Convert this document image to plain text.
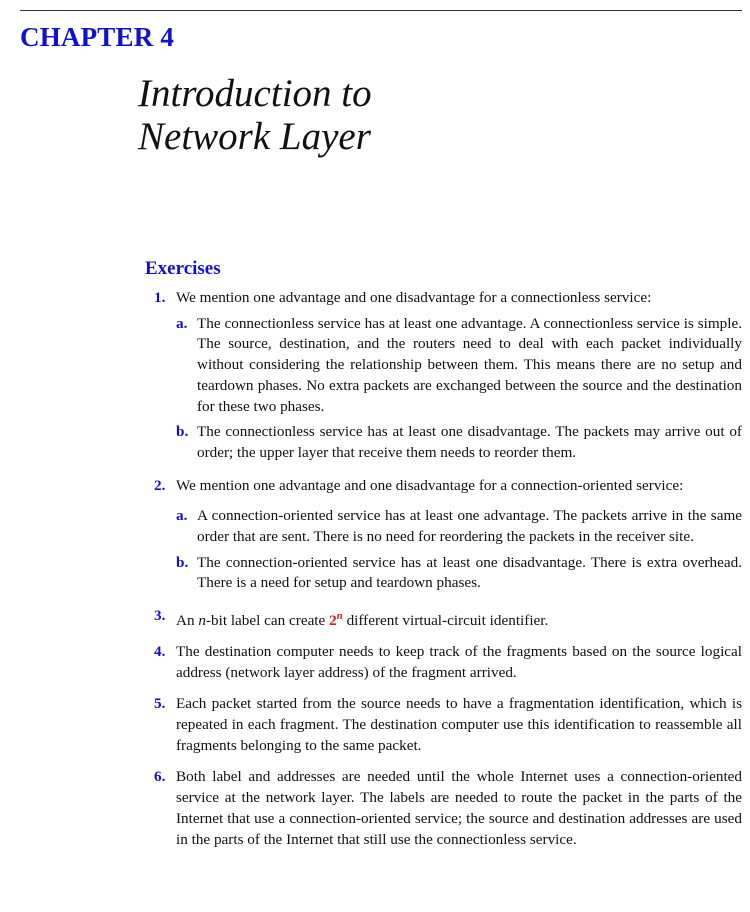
CHAPTER 4
Introduction to
Network Layer
Exercises
1. We mention one advantage and one disadvantage for a connectionless service:
a. The connectionless service has at least one advantage. A connectionless service is simple. The source, destination, and the routers need to deal with each packet individually without considering the relationship between them. This means there are no setup and teardown phases. No extra packets are exchanged between the source and the destination for these two phases.
b. The connectionless service has at least one disadvantage. The packets may arrive out of order; the upper layer that receive them needs to reorder them.
2. We mention one advantage and one disadvantage for a connection-oriented service:
a. A connection-oriented service has at least one advantage. The packets arrive in the same order that are sent. There is no need for reordering the packets in the receiver site.
b. The connection-oriented service has at least one disadvantage. There is extra overhead. There is a need for setup and teardown phases.
3. An n-bit label can create 2$^n$ different virtual-circuit identifier.
4. The destination computer needs to keep track of the fragments based on the source logical address (network layer address) of the fragment arrived.
5. Each packet started from the source needs to have a fragmentation identification, which is repeated in each fragment. The destination computer use this identification to reassemble all fragments belonging to the same packet.
6. Both label and addresses are needed until the whole Internet uses a connection-oriented service at the network layer. The labels are needed to route the packet in the parts of the Internet that use a connection-oriented service; the source and destination addresses are used in the parts of the Internet that still use the connectionless service.
